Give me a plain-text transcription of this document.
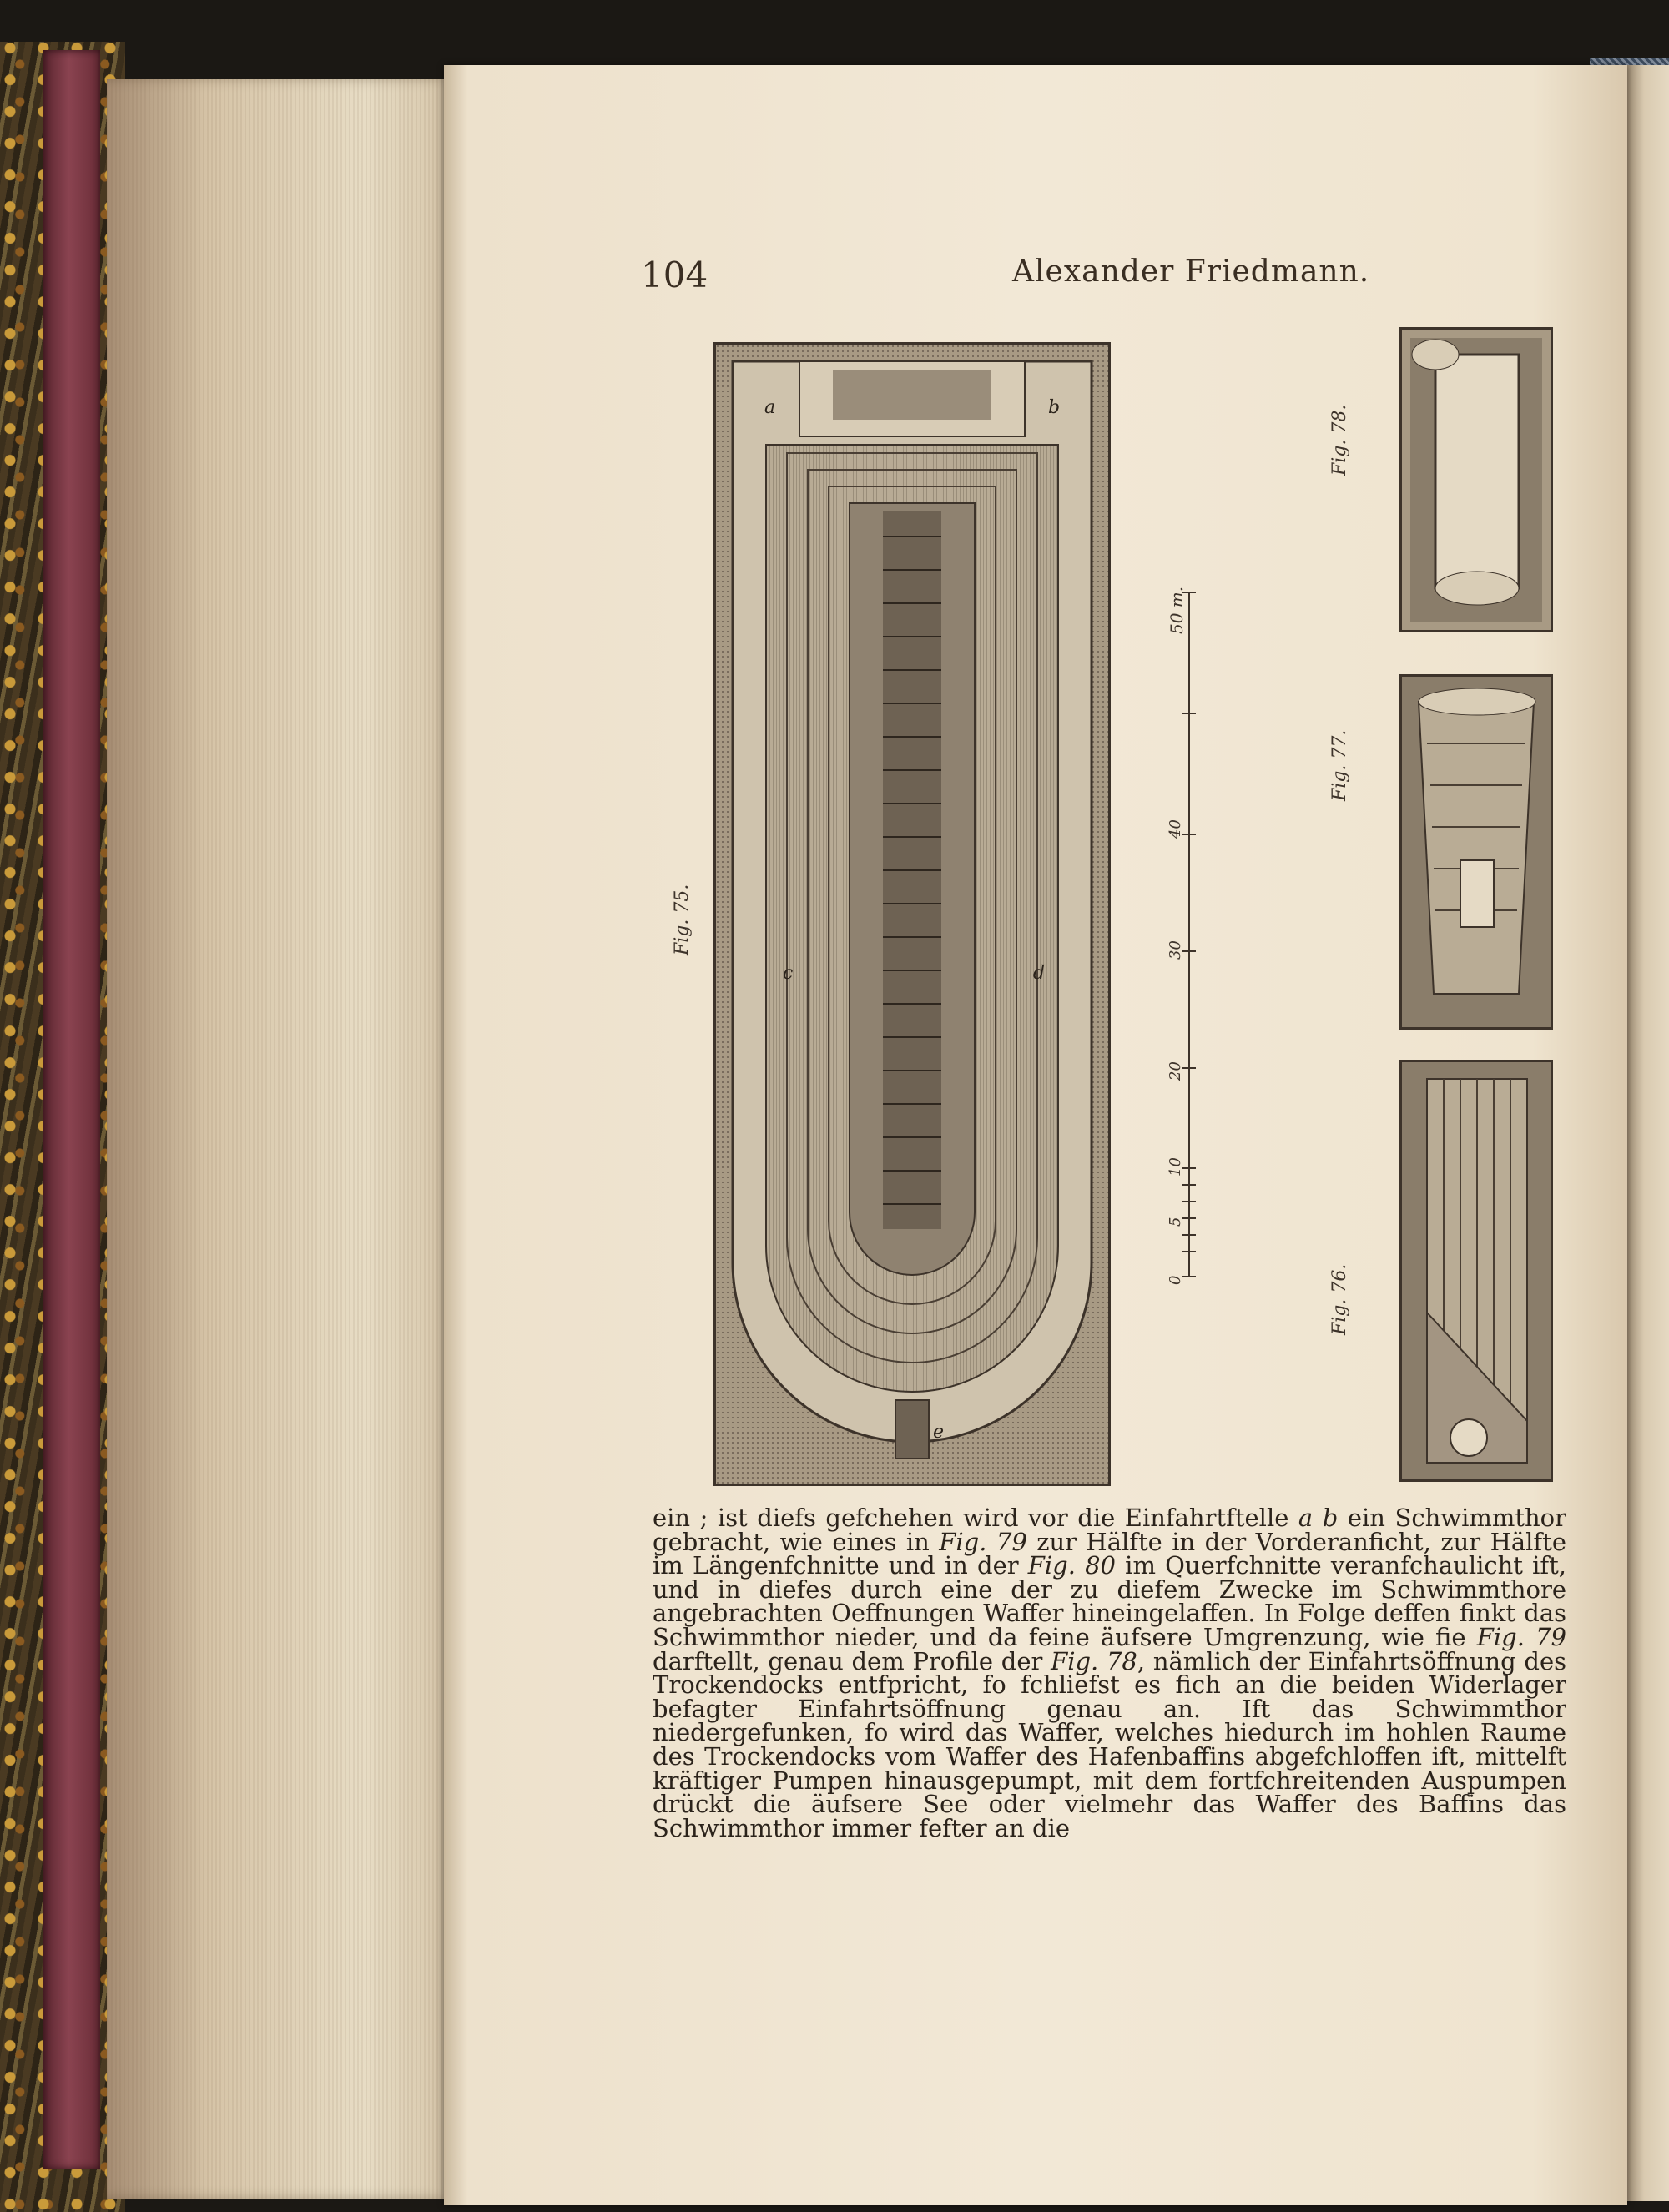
104	Alexander Friedmann.
a	b
c	d
e
Fig. 75.
50 m.
0
5
10
20
30
40
Fig. 78.
Fig. 77.
Fig. 76.

ein ; ist diefs gefchehen wird vor die Einfahrtftelle a b ein Schwimmthor gebracht, wie eines in Fig. 79 zur Hälfte in der Vorderanficht, zur Hälfte im Längenfchnitte und in der Fig. 80 im Querfchnitte veranfchaulicht ift, und in diefes durch eine der zu diefem Zwecke im Schwimmthore angebrachten Oeffnungen Waffer hineingelaffen. In Folge deffen finkt das Schwimmthor nieder, und da feine äufsere Umgrenzung, wie fie Fig. 79 darftellt, genau dem Profile der Fig. 78, nämlich der Einfahrtsöffnung des Trockendocks entfpricht, fo fchliefst es fich an die beiden Widerlager befagter Einfahrtsöffnung genau an. Ift das Schwimmthor niedergefunken, fo wird das Waffer, welches hiedurch im hohlen Raume des Trockendocks vom Waffer des Hafenbaffins abgefchloffen ift, mittelft kräftiger Pumpen hinausgepumpt, mit dem fortfchreitenden Auspumpen drückt die äufsere See oder vielmehr das Waffer des Baffins das Schwimmthor immer fefter an die
